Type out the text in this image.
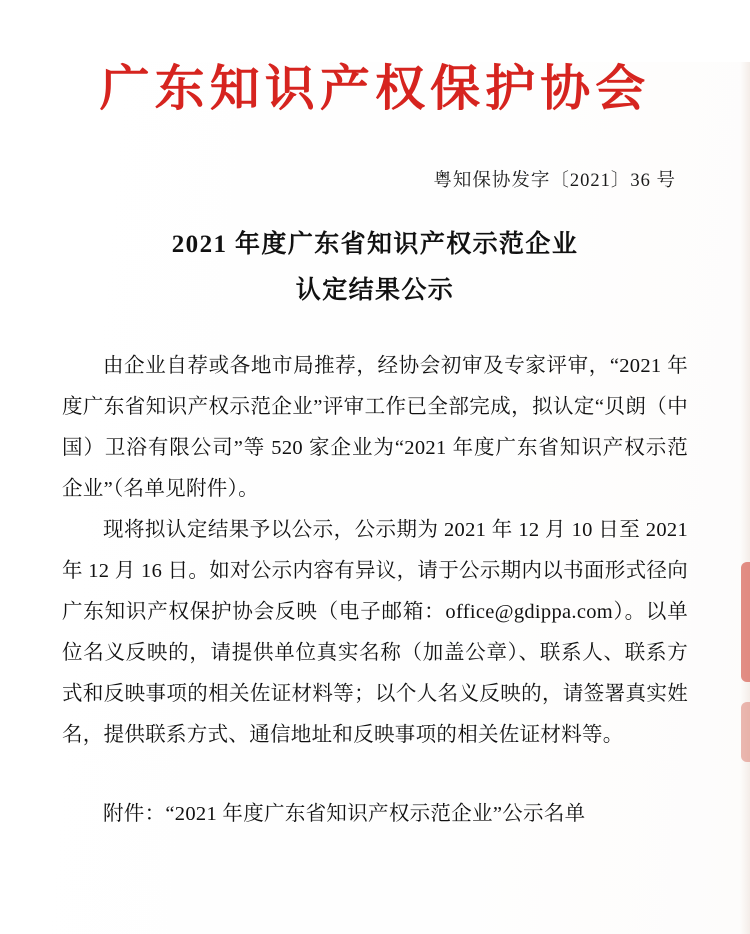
广东知识产权保护协会
粤知保协发字〔2021〕36 号
2021 年度广东省知识产权示范企业
认定结果公示

由企业自荐或各地市局推荐，经协会初审及专家评审，“2021 年度广东省知识产权示范企业”评审工作已全部完成，拟认定“贝朗（中国）卫浴有限公司”等 520 家企业为“2021 年度广东省知识产权示范企业”（名单见附件）。

现将拟认定结果予以公示，公示期为 2021 年 12 月 10 日至 2021 年 12 月 16 日。如对公示内容有异议，请于公示期内以书面形式径向广东知识产权保护协会反映（电子邮箱：office@gdippa.com）。以单位名义反映的，请提供单位真实名称（加盖公章）、联系人、联系方式和反映事项的相关佐证材料等；以个人名义反映的，请签署真实姓名，提供联系方式、通信地址和反映事项的相关佐证材料等。

附件：“2021 年度广东省知识产权示范企业”公示名单
